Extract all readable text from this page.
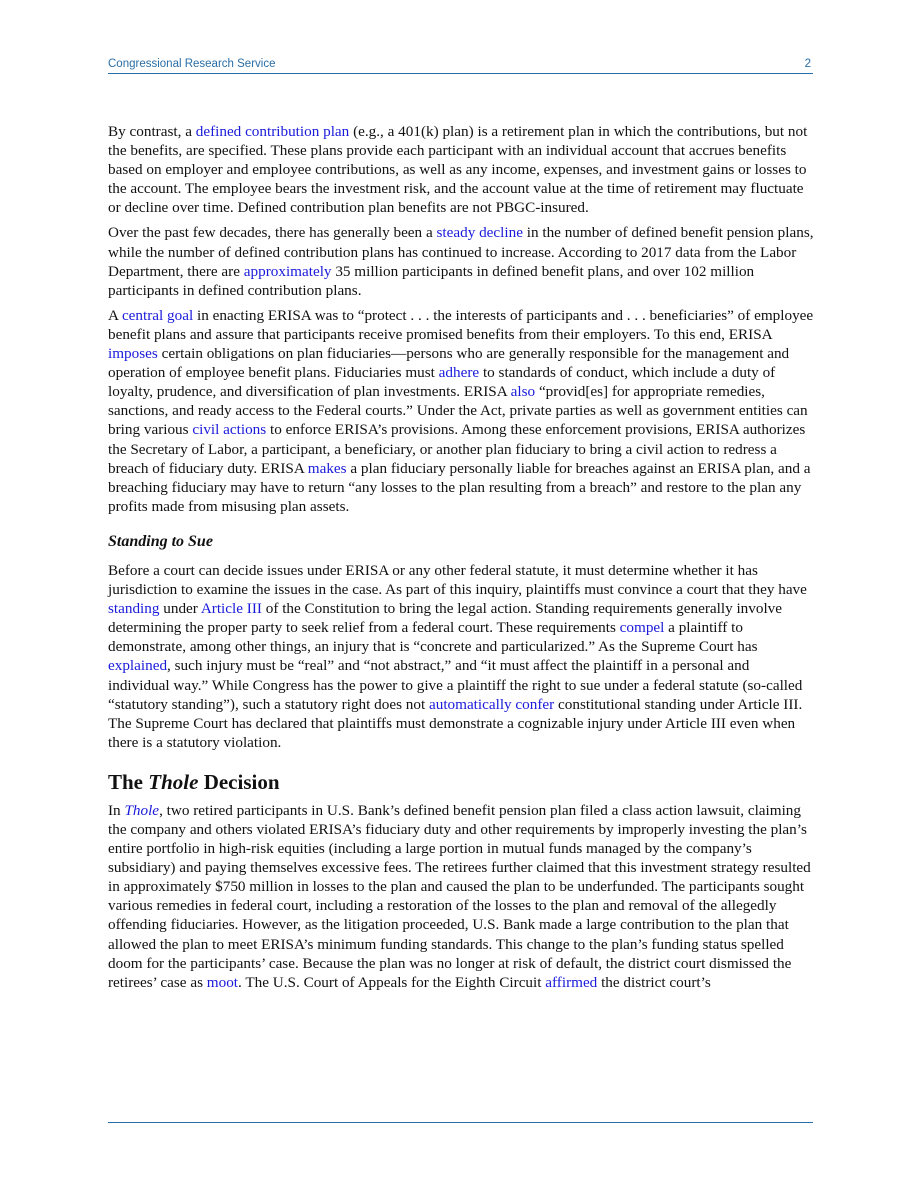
Congressional Research Service	2

By contrast, a defined contribution plan (e.g., a 401(k) plan) is a retirement plan in which the contributions, but not the benefits, are specified. These plans provide each participant with an individual account that accrues benefits based on employer and employee contributions, as well as any income, expenses, and investment gains or losses to the account. The employee bears the investment risk, and the account value at the time of retirement may fluctuate or decline over time. Defined contribution plan benefits are not PBGC-insured.

Over the past few decades, there has generally been a steady decline in the number of defined benefit pension plans, while the number of defined contribution plans has continued to increase. According to 2017 data from the Labor Department, there are approximately 35 million participants in defined benefit plans, and over 102 million participants in defined contribution plans.

A central goal in enacting ERISA was to “protect . . . the interests of participants and . . . beneficiaries” of employee benefit plans and assure that participants receive promised benefits from their employers. To this end, ERISA imposes certain obligations on plan fiduciaries—persons who are generally responsible for the management and operation of employee benefit plans. Fiduciaries must adhere to standards of conduct, which include a duty of loyalty, prudence, and diversification of plan investments. ERISA also “provid[es] for appropriate remedies, sanctions, and ready access to the Federal courts.” Under the Act, private parties as well as government entities can bring various civil actions to enforce ERISA’s provisions. Among these enforcement provisions, ERISA authorizes the Secretary of Labor, a participant, a beneficiary, or another plan fiduciary to bring a civil action to redress a breach of fiduciary duty. ERISA makes a plan fiduciary personally liable for breaches against an ERISA plan, and a breaching fiduciary may have to return “any losses to the plan resulting from a breach” and restore to the plan any profits made from misusing plan assets.

Standing to Sue

Before a court can decide issues under ERISA or any other federal statute, it must determine whether it has jurisdiction to examine the issues in the case. As part of this inquiry, plaintiffs must convince a court that they have standing under Article III of the Constitution to bring the legal action. Standing requirements generally involve determining the proper party to seek relief from a federal court. These requirements compel a plaintiff to demonstrate, among other things, an injury that is “concrete and particularized.” As the Supreme Court has explained, such injury must be “real” and “not abstract,” and “it must affect the plaintiff in a personal and individual way.” While Congress has the power to give a plaintiff the right to sue under a federal statute (so-called “statutory standing”), such a statutory right does not automatically confer constitutional standing under Article III. The Supreme Court has declared that plaintiffs must demonstrate a cognizable injury under Article III even when there is a statutory violation.

The Thole Decision

In Thole, two retired participants in U.S. Bank’s defined benefit pension plan filed a class action lawsuit, claiming the company and others violated ERISA’s fiduciary duty and other requirements by improperly investing the plan’s entire portfolio in high-risk equities (including a large portion in mutual funds managed by the company’s subsidiary) and paying themselves excessive fees. The retirees further claimed that this investment strategy resulted in approximately $750 million in losses to the plan and caused the plan to be underfunded. The participants sought various remedies in federal court, including a restoration of the losses to the plan and removal of the allegedly offending fiduciaries. However, as the litigation proceeded, U.S. Bank made a large contribution to the plan that allowed the plan to meet ERISA’s minimum funding standards. This change to the plan’s funding status spelled doom for the participants’ case. Because the plan was no longer at risk of default, the district court dismissed the retirees’ case as moot. The U.S. Court of Appeals for the Eighth Circuit affirmed the district court’s
